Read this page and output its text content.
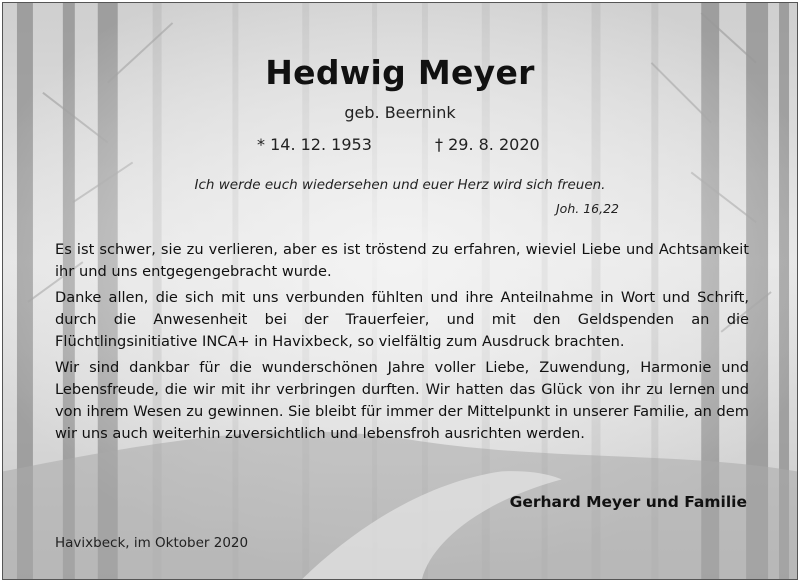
Hedwig Meyer
geb. Beernink
* 14. 12. 1953	† 29. 8. 2020
Ich werde euch wiedersehen und euer Herz wird sich freuen.
Joh. 16,22

Es ist schwer, sie zu verlieren, aber es ist tröstend zu erfahren, wieviel Liebe und Achtsamkeit ihr und uns entgegengebracht wurde.

Danke allen, die sich mit uns verbunden fühlten und ihre Anteilnahme in Wort und Schrift, durch die Anwesenheit bei der Trauerfeier, und mit den Geldspenden an die Flüchtlingsinitiative INCA+ in Havixbeck, so vielfältig zum Ausdruck brachten.

Wir sind dankbar für die wunderschönen Jahre voller Liebe, Zuwendung, Harmonie und Lebensfreude, die wir mit ihr verbringen durften. Wir hatten das Glück von ihr zu lernen und von ihrem Wesen zu gewinnen. Sie bleibt für immer der Mittelpunkt in unserer Familie, an dem wir uns auch weiterhin zuversichtlich und lebensfroh ausrichten werden.

Gerhard Meyer und Familie
Havixbeck, im Oktober 2020
